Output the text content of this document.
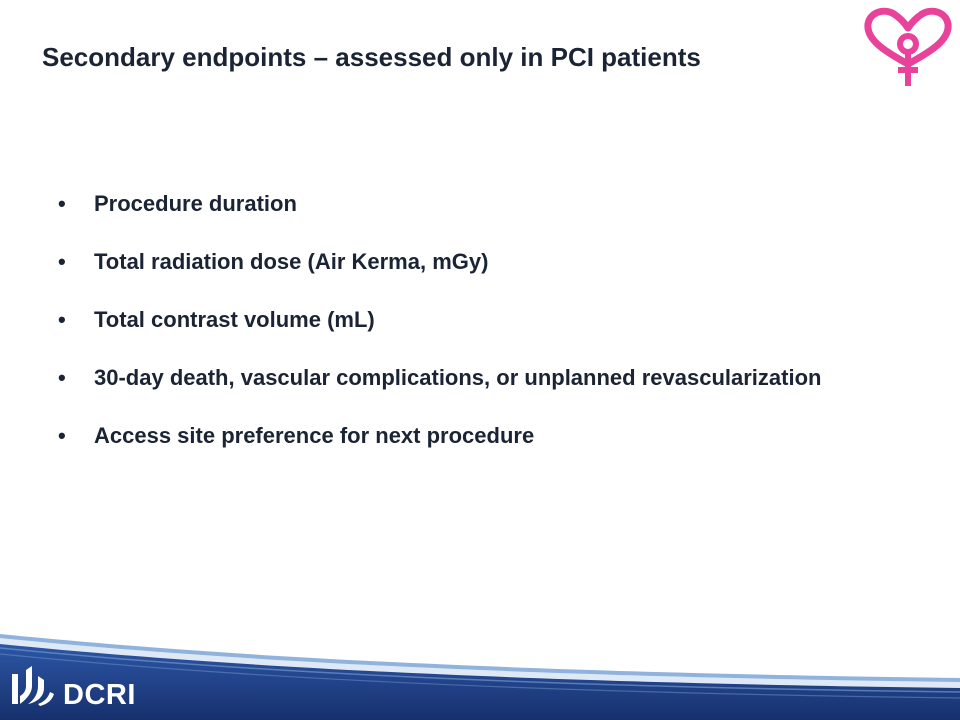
Secondary endpoints – assessed only in PCI patients
• Procedure duration
• Total radiation dose (Air Kerma, mGy)
• Total contrast volume (mL)
• 30-day death, vascular complications, or unplanned revascularization
• Access site preference for next procedure
DCRI
